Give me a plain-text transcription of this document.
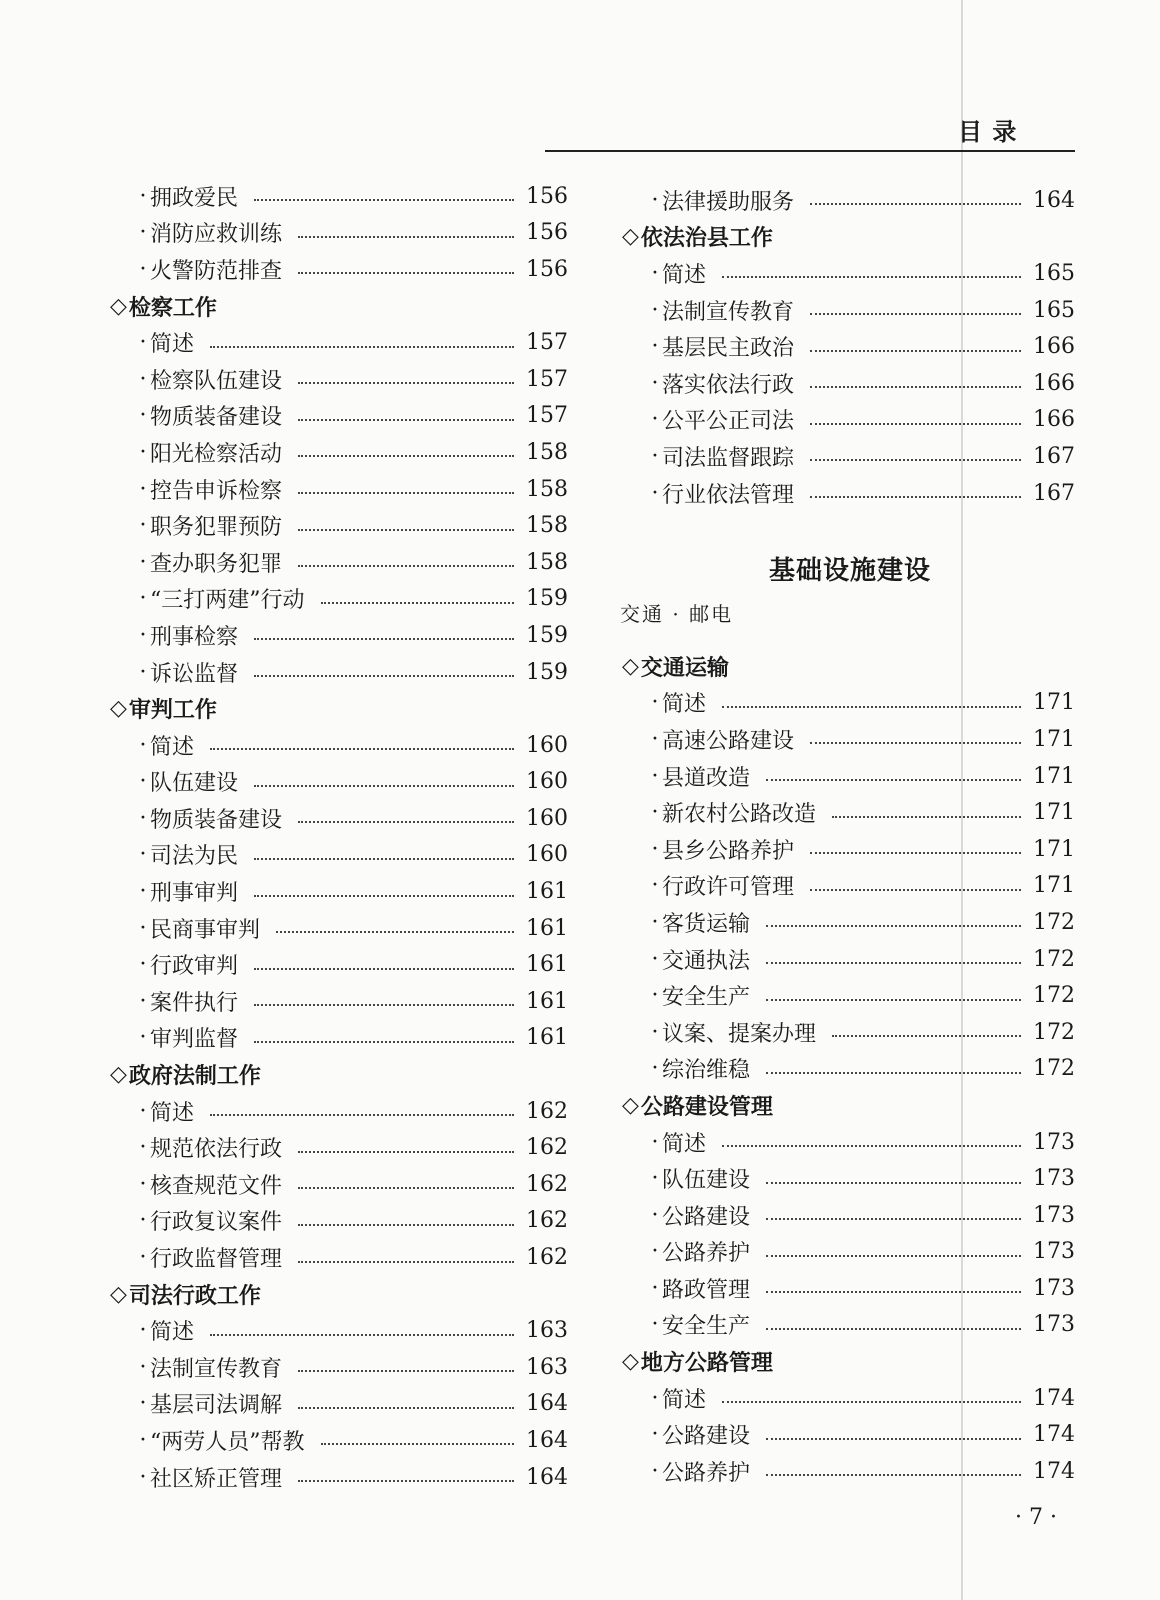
目 录
· 拥政爱民	156
· 消防应救训练	156
· 火警防范排查	156
◇ 检察工作
· 简述	157
· 检察队伍建设	157
· 物质装备建设	157
· 阳光检察活动	158
· 控告申诉检察	158
· 职务犯罪预防	158
· 查办职务犯罪	158
· “三打两建”行动	159
· 刑事检察	159
· 诉讼监督	159
◇ 审判工作
· 简述	160
· 队伍建设	160
· 物质装备建设	160
· 司法为民	160
· 刑事审判	161
· 民商事审判	161
· 行政审判	161
· 案件执行	161
· 审判监督	161
◇ 政府法制工作
· 简述	162
· 规范依法行政	162
· 核查规范文件	162
· 行政复议案件	162
· 行政监督管理	162
◇ 司法行政工作
· 简述	163
· 法制宣传教育	163
· 基层司法调解	164
· “两劳人员”帮教	164
· 社区矫正管理	164
· 法律援助服务	164
◇ 依法治县工作
· 简述	165
· 法制宣传教育	165
· 基层民主政治	166
· 落实依法行政	166
· 公平公正司法	166
· 司法监督跟踪	167
· 行业依法管理	167
基础设施建设
交通 · 邮电
◇ 交通运输
· 简述	171
· 高速公路建设	171
· 县道改造	171
· 新农村公路改造	171
· 县乡公路养护	171
· 行政许可管理	171
· 客货运输	172
· 交通执法	172
· 安全生产	172
· 议案、提案办理	172
· 综治维稳	172
◇ 公路建设管理
· 简述	173
· 队伍建设	173
· 公路建设	173
· 公路养护	173
· 路政管理	173
· 安全生产	173
◇ 地方公路管理
· 简述	174
· 公路建设	174
· 公路养护	174
· 7 ·
